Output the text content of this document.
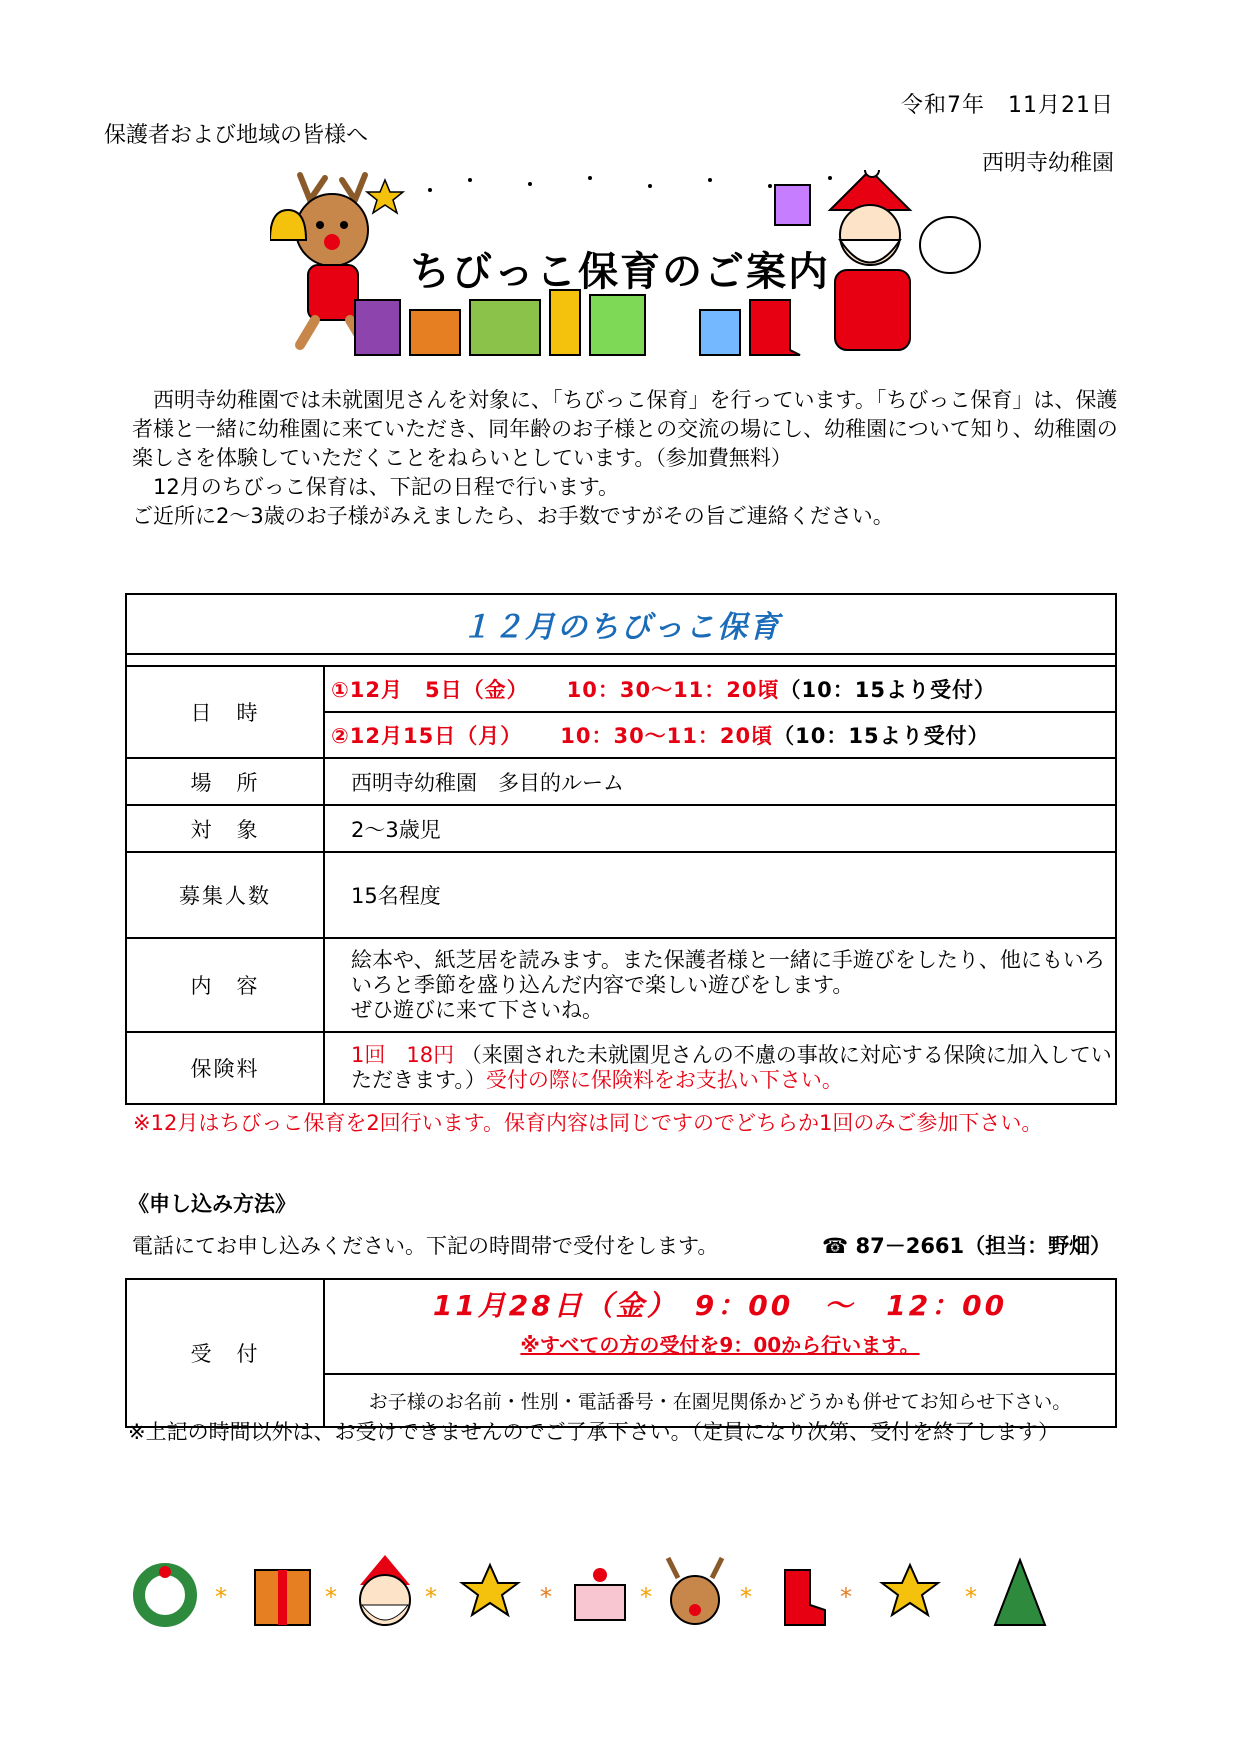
令和7年　11月21日
保護者および地域の皆様へ
西明寺幼稚園
ちびっこ保育のご案内

西明寺幼稚園では未就園児さんを対象に、「ちびっこ保育」を行っています。「ちびっこ保育」は、保護者様と一緒に幼稚園に来ていただき、同年齢のお子様との交流の場にし、幼稚園について知り、幼稚園の楽しさを体験していただくことをねらいとしています。（参加費無料）

12月のちびっこ保育は、下記の日程で行います。

ご近所に2～3歳のお子様がみえましたら、お手数ですがその旨ご連絡ください。

１２月のちびっこ保育	

日　時	①12月　5日（金） 10：30～11：20頃（10：15より受付）
	②12月15日（月） 10：30～11：20頃（10：15より受付）
場　所	西明寺幼稚園　多目的ルーム
対　象	2～3歳児
募集人数	15名程度
内　容	絵本や、紙芝居を読みます。また保護者様と一緒に手遊びをしたり、他にもいろいろと季節を盛り込んだ内容で楽しい遊びをします。
ぜひ遊びに来て下さいね。

保険料	1回　18円 （来園された未就園児さんの不慮の事故に対応する保険に加入していただきます。）受付の際に保険料をお支払い下さい。
※12月はちびっこ保育を2回行います。保育内容は同じですのでどちらか1回のみご参加下さい。
《申し込み方法》
電話にてお申し込みください。下記の時間帯で受付をします。	☎ 87－2661（担当：野畑）
受　付	11月28日（金）　9：00　～　12：00
※すべての方の受付を9：00から行います。
お子様のお名前・性別・電話番号・在園児関係かどうかも併せてお知らせ下さい。
※上記の時間以外は、お受けできませんのでご了承下さい。（定員になり次第、受付を終了します）
*	*	*	*	*	*	*	*
